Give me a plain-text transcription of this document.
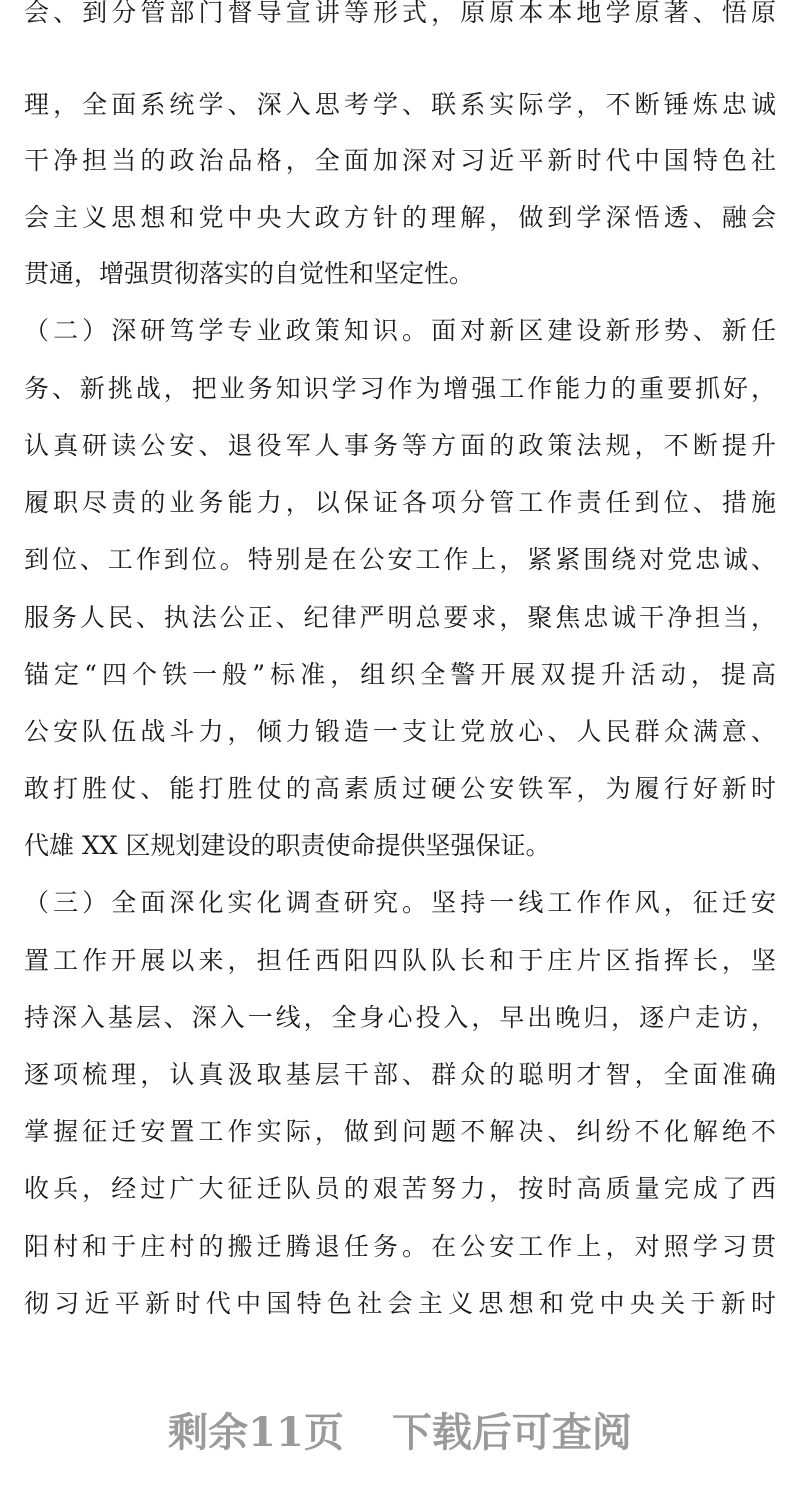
会、到分管部门督导宣讲等形式，原原本本地学原著、悟原
理，全面系统学、深入思考学、联系实际学，不断锤炼忠诚
干净担当的政治品格，全面加深对习近平新时代中国特色社
会主义思想和党中央大政方针的理解，做到学深悟透、融会
贯通，增强贯彻落实的自觉性和坚定性。
（二）深研笃学专业政策知识。面对新区建设新形势、新任
务、新挑战，把业务知识学习作为增强工作能力的重要抓好，
认真研读公安、退役军人事务等方面的政策法规，不断提升
履职尽责的业务能力，以保证各项分管工作责任到位、措施
到位、工作到位。特别是在公安工作上，紧紧围绕对党忠诚、
服务人民、执法公正、纪律严明总要求，聚焦忠诚干净担当，
锚定“四个铁一般”标准，组织全警开展双提升活动，提高
公安队伍战斗力，倾力锻造一支让党放心、人民群众满意、
敢打胜仗、能打胜仗的高素质过硬公安铁军，为履行好新时
代雄 XX 区规划建设的职责使命提供坚强保证。
（三）全面深化实化调查研究。坚持一线工作作风，征迁安
置工作开展以来，担任西阳四队队长和于庄片区指挥长，坚
持深入基层、深入一线，全身心投入，早出晚归，逐户走访，
逐项梳理，认真汲取基层干部、群众的聪明才智，全面准确
掌握征迁安置工作实际，做到问题不解决、纠纷不化解绝不
收兵，经过广大征迁队员的艰苦努力，按时高质量完成了西
阳村和于庄村的搬迁腾退任务。在公安工作上，对照学习贯
彻习近平新时代中国特色社会主义思想和党中央关于新时
剩余11页 下载后可查阅
